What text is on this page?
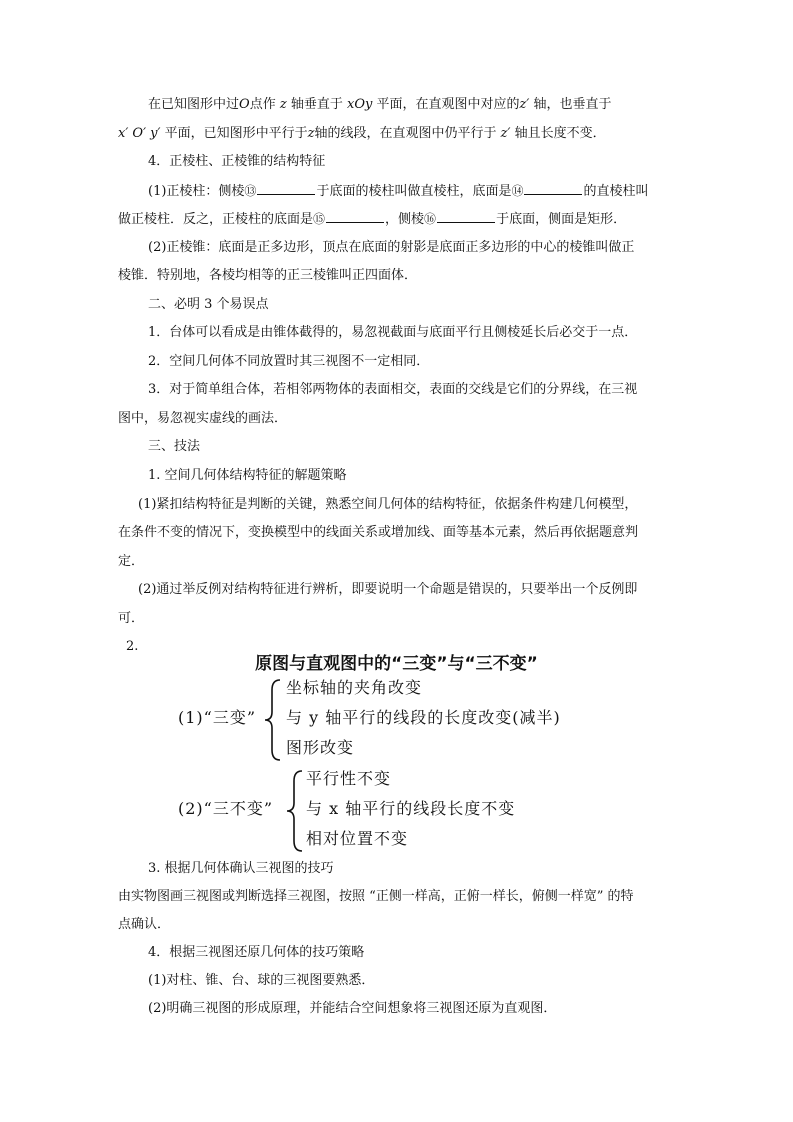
在已知图形中过O点作 z 轴垂直于 xOy 平面，在直观图中对应的z′ 轴，也垂直于
x′ O′ y′ 平面，已知图形中平行于z轴的线段，在直观图中仍平行于 z′ 轴且长度不变．
4．正棱柱、正棱锥的结构特征
(1)正棱柱：侧棱⑬	于底面的棱柱叫做直棱柱，底面是⑭	的直棱柱叫
做正棱柱．反之，正棱柱的底面是⑮	，侧棱⑯	于底面，侧面是矩形．
(2)正棱锥：底面是正多边形，顶点在底面的射影是底面正多边形的中心的棱锥叫做正
棱锥．特别地，各棱均相等的正三棱锥叫正四面体．
二、必明 3 个易误点
1．台体可以看成是由锥体截得的，易忽视截面与底面平行且侧棱延长后必交于一点．
2．空间几何体不同放置时其三视图不一定相同．
3．对于简单组合体，若相邻两物体的表面相交，表面的交线是它们的分界线，在三视
图中，易忽视实虚线的画法．
三、技法
1. 空间几何体结构特征的解题策略
(1)紧扣结构特征是判断的关键，熟悉空间几何体的结构特征，依据条件构建几何模型，
在条件不变的情况下，变换模型中的线面关系或增加线、面等基本元素，然后再依据题意判
定．
(2)通过举反例对结构特征进行辨析，即要说明一个命题是错误的，只要举出一个反例即
可．
2.
原图与直观图中的“三变”与“三不变”
(1)“三变”
坐标轴的夹角改变
与 y 轴平行的线段的长度改变(减半)
图形改变
(2)“三不变”
平行性不变
与 x 轴平行的线段长度不变
相对位置不变
3. 根据几何体确认三视图的技巧
由实物图画三视图或判断选择三视图，按照 “正侧一样高，正俯一样长，俯侧一样宽” 的特
点确认．
4．根据三视图还原几何体的技巧策略
(1)对柱、锥、台、球的三视图要熟悉．
(2)明确三视图的形成原理，并能结合空间想象将三视图还原为直观图．
